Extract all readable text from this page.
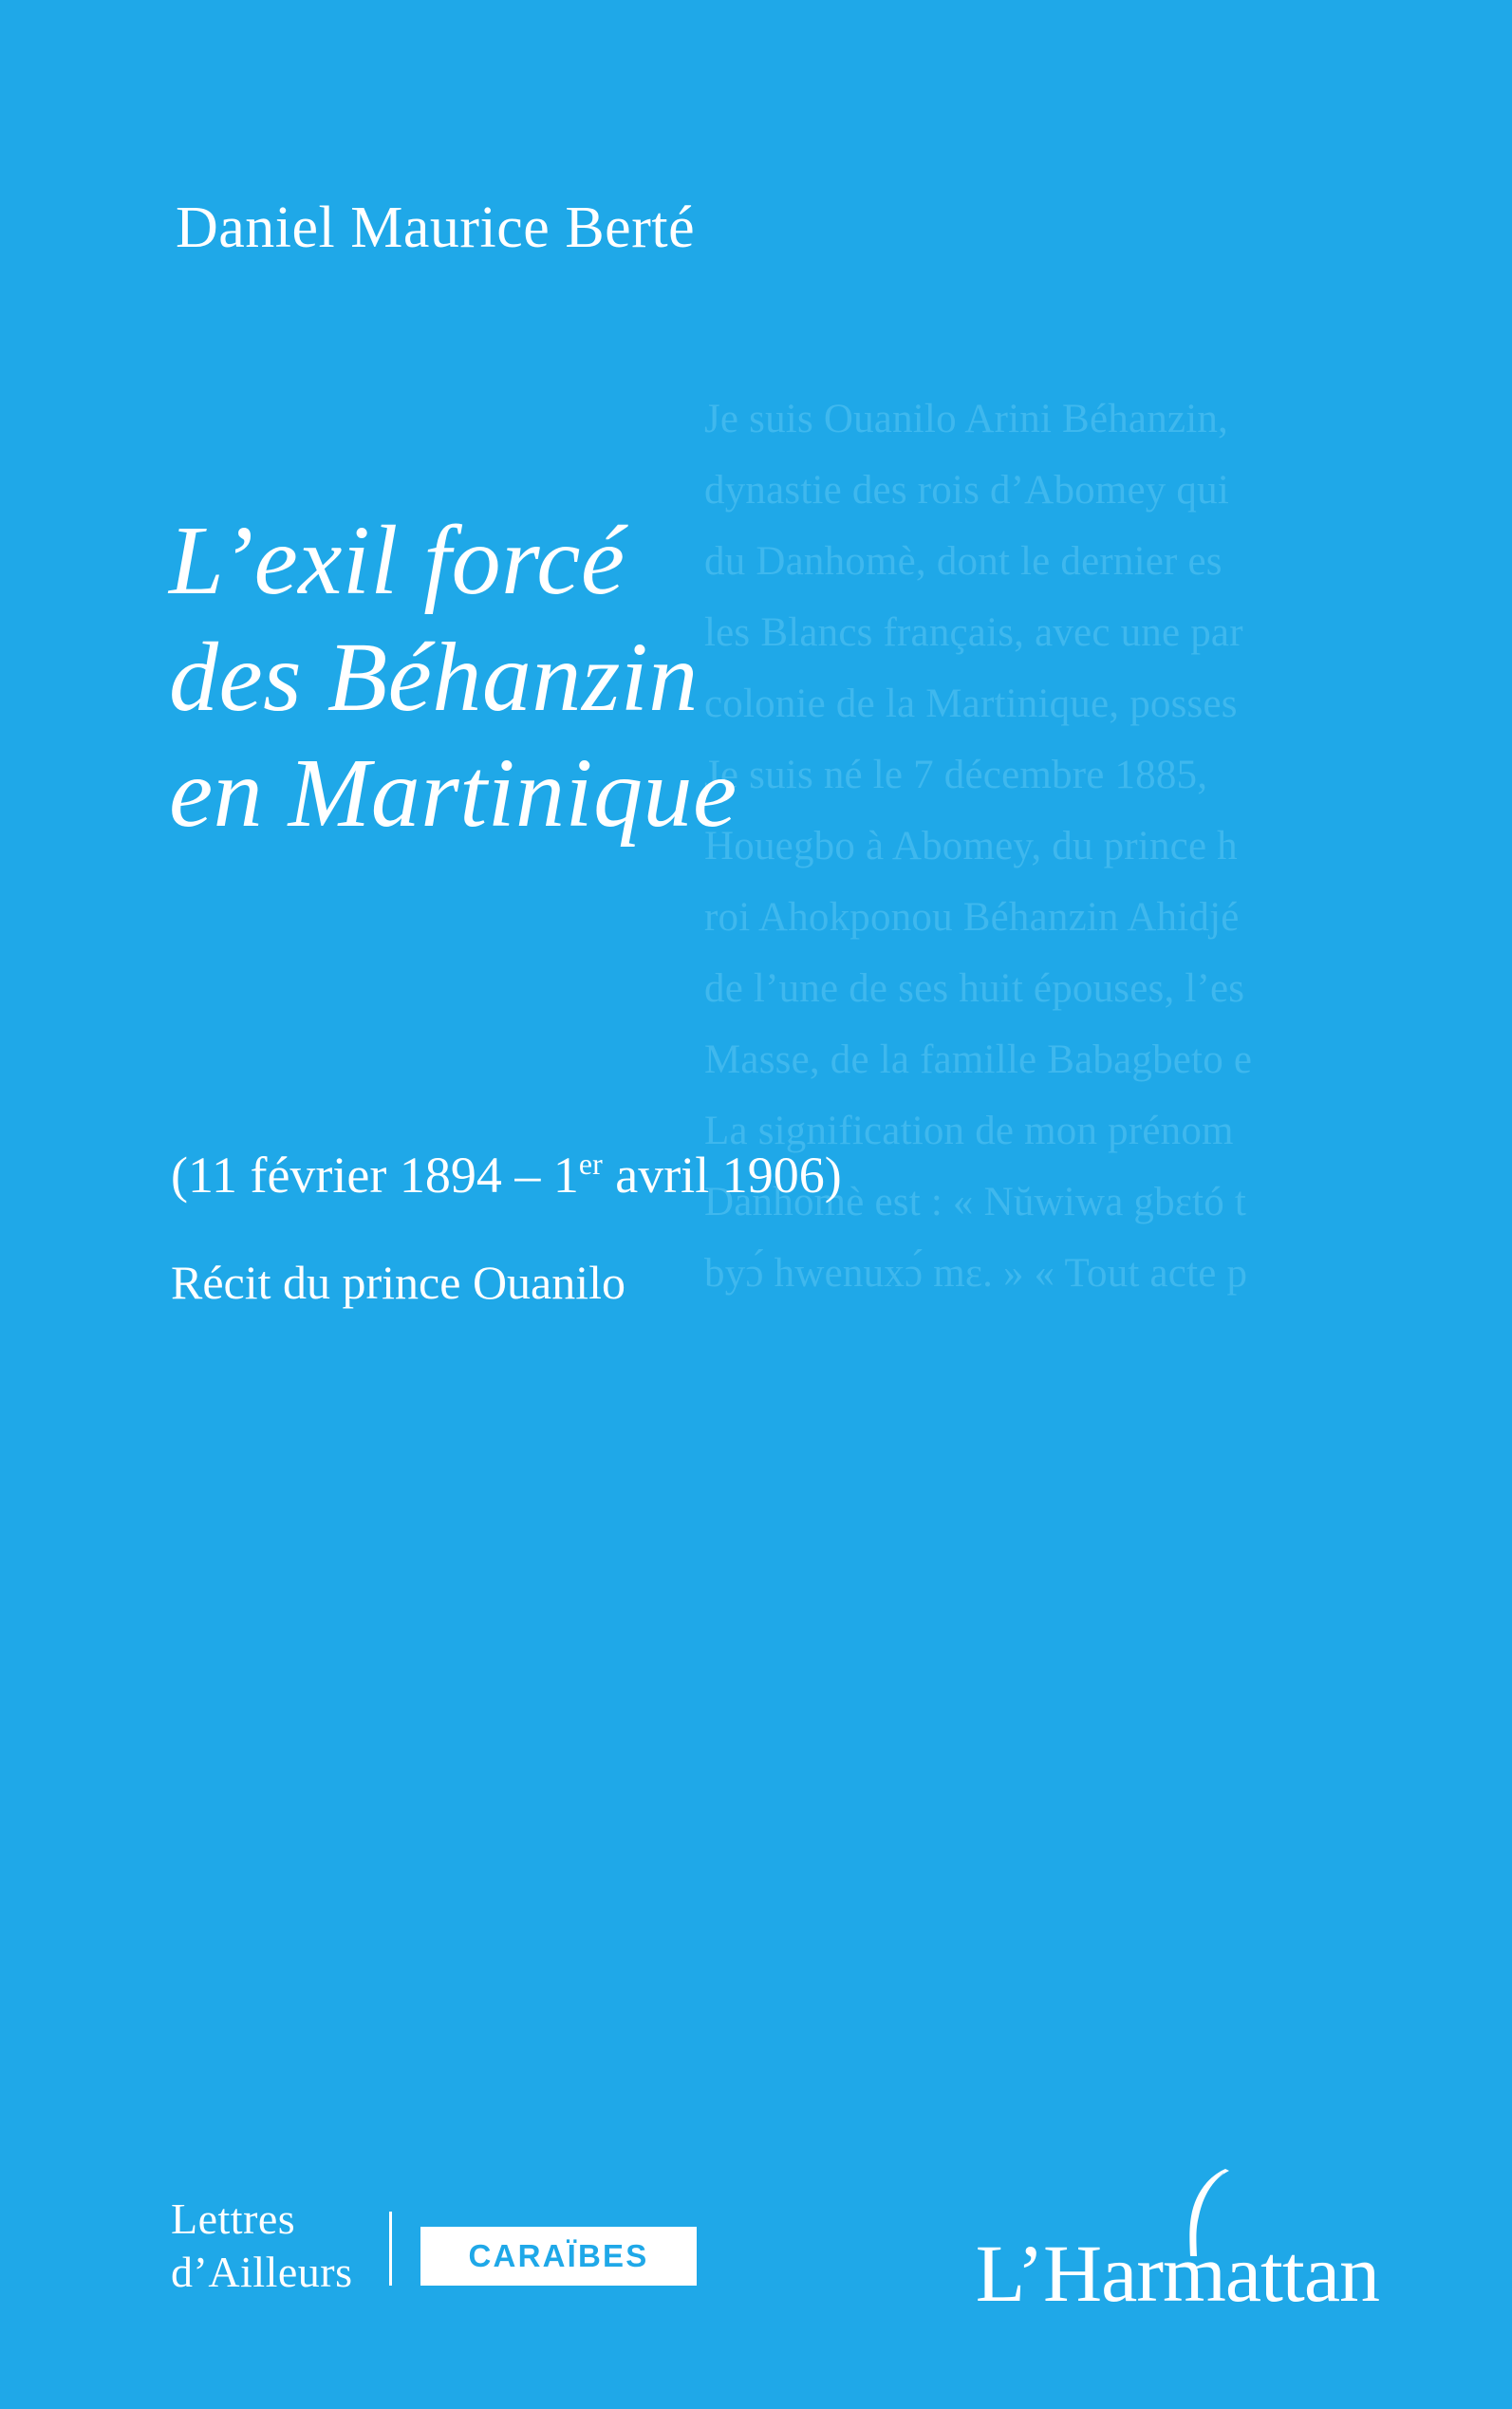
Je suis Ouanilo Arini Béhanzin,
dynastie des rois d’Abomey qui
du Danhomè, dont le dernier es
les Blancs français, avec une par
colonie de la Martinique, posses
Je suis né le 7 décembre 1885,
Houegbo à Abomey, du prince h
roi Ahokponou Béhanzin Ahidjé
de l’une de ses huit épouses, l’es
Masse, de la famille Babagbeto e
La signification de mon prénom
Danhomè est : « Nŭwiwa gbɛtó t
byɔ́ hwenuxɔ́ mɛ. » « Tout acte p
Daniel Maurice Berté
L’exil forcé
des Béhanzin
en Martinique
(11 février 1894 – 1er avril 1906)
Récit du prince Ouanilo
Lettres
d’Ailleurs	CARAÏBES	L’Harmattan
